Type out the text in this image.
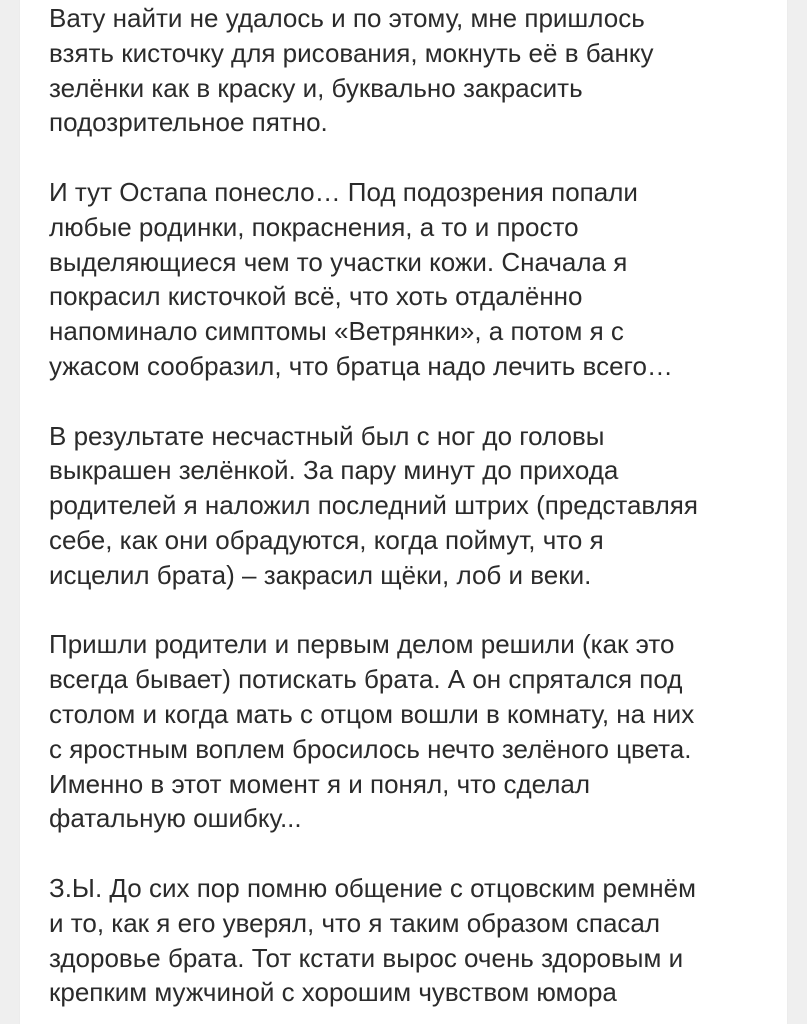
Вату найти не удалось и по этому, мне пришлось
взять кисточку для рисования, мокнуть её в банку
зелёнки как в краску и, буквально закрасить
подозрительное пятно.
И тут Остапа понесло… Под подозрения попали
любые родинки, покраснения, а то и просто
выделяющиеся чем то участки кожи. Сначала я
покрасил кисточкой всё, что хоть отдалённо
напоминало симптомы «Ветрянки», а потом я с
ужасом сообразил, что братца надо лечить всего…
В результате несчастный был с ног до головы
выкрашен зелёнкой. За пару минут до прихода
родителей я наложил последний штрих (представляя
себе, как они обрадуются, когда поймут, что я
исцелил брата) – закрасил щёки, лоб и веки.
Пришли родители и первым делом решили (как это
всегда бывает) потискать брата. А он спрятался под
столом и когда мать с отцом вошли в комнату, на них
с яростным воплем бросилось нечто зелёного цвета.
Именно в этот момент я и понял, что сделал
фатальную ошибку...
З.Ы. До сих пор помню общение с отцовским ремнём
и то, как я его уверял, что я таким образом спасал
здоровье брата. Тот кстати вырос очень здоровым и
крепким мужчиной с хорошим чувством юмора
